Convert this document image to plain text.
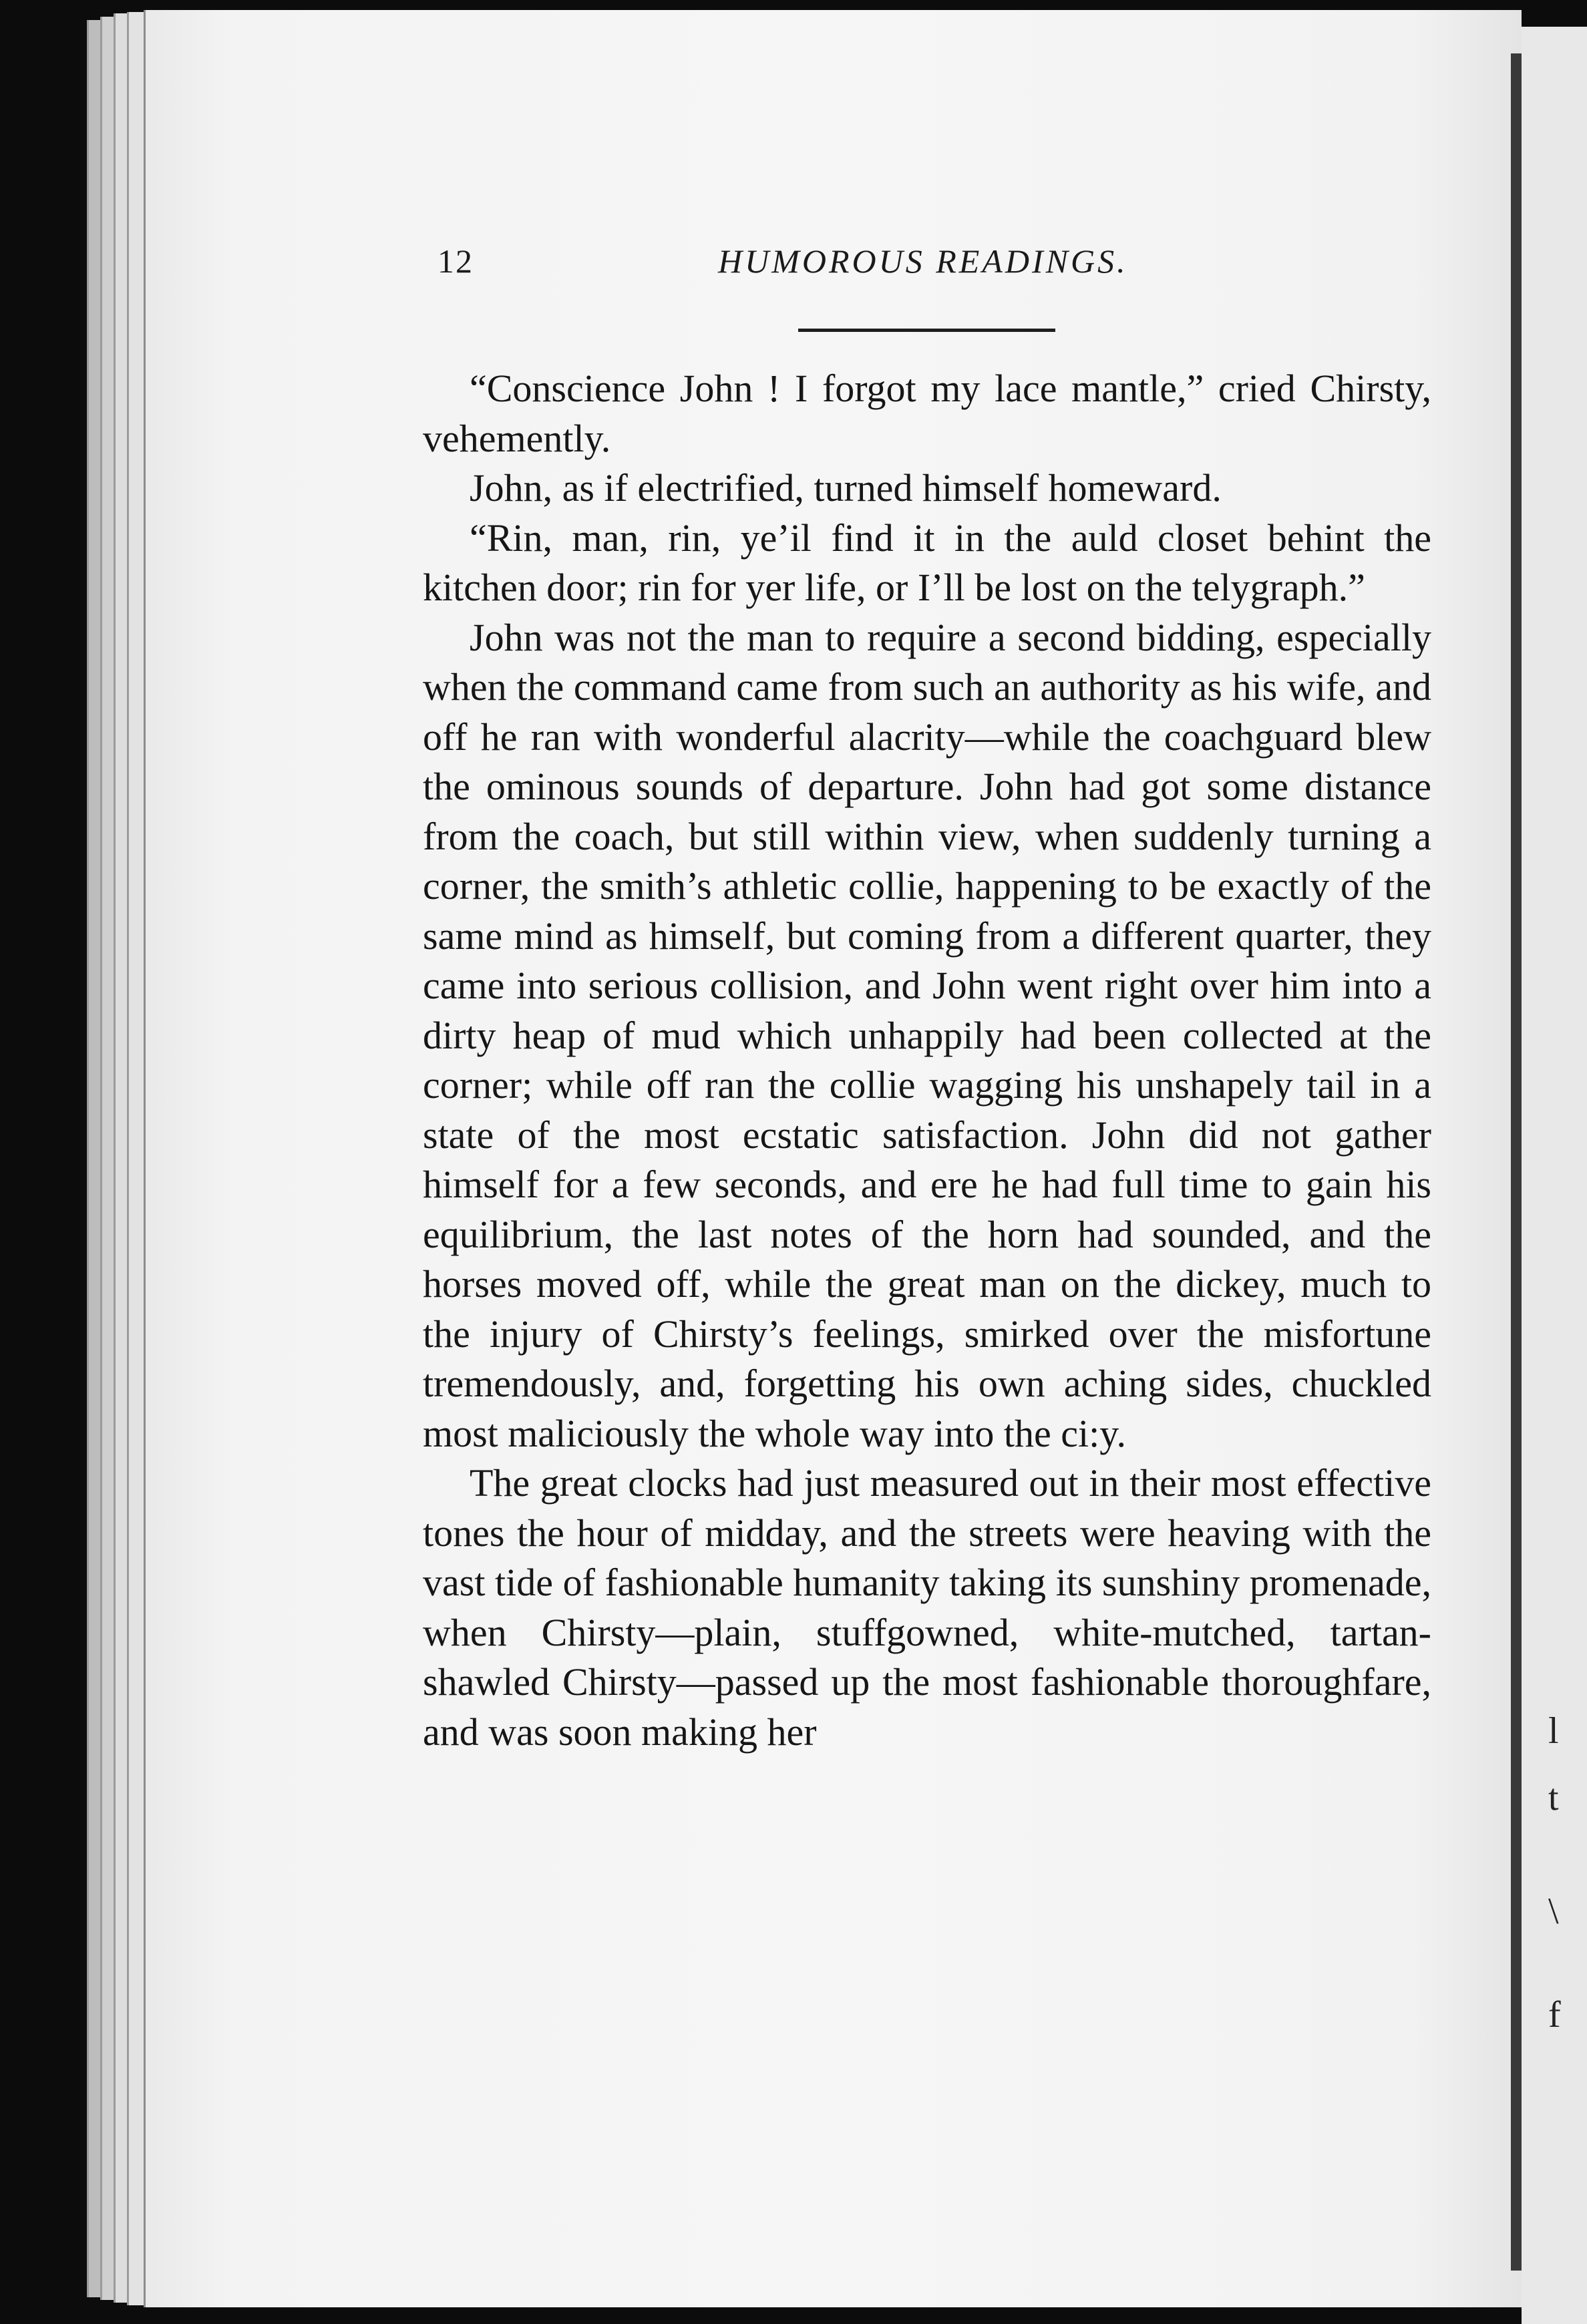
12	HUMOROUS READINGS.

“Conscience John ! I forgot my lace mantle,” cried Chirsty, vehemently.

John, as if electrified, turned himself homeward.

“Rin, man, rin, ye’il find it in the auld closet behint the kitchen door; rin for yer life, or I’ll be lost on the telygraph.”

John was not the man to require a second bidding, especially when the command came from such an authority as his wife, and off he ran with wonderful alacrity—while the coachguard blew the ominous sounds of departure. John had got some distance from the coach, but still within view, when suddenly turning a corner, the smith’s athletic collie, happening to be exactly of the same mind as himself, but coming from a different quarter, they came into serious collision, and John went right over him into a dirty heap of mud which unhappily had been collected at the corner; while off ran the collie wagging his unshapely tail in a state of the most ecstatic satisfaction. John did not gather himself for a few seconds, and ere he had full time to gain his equilibrium, the last notes of the horn had sounded, and the horses moved off, while the great man on the dickey, much to the injury of Chirsty’s feelings, smirked over the misfortune tremendously, and, forgetting his own aching sides, chuckled most maliciously the whole way into the ci:y.

The great clocks had just measured out in their most effective tones the hour of midday, and the streets were heaving with the vast tide of fashionable humanity taking its sunshiny promenade, when Chirsty—plain, stuffgowned, white-mutched, tartan-shawled Chirsty—passed up the most fashionable thoroughfare, and was soon making her	l
t
\
f
